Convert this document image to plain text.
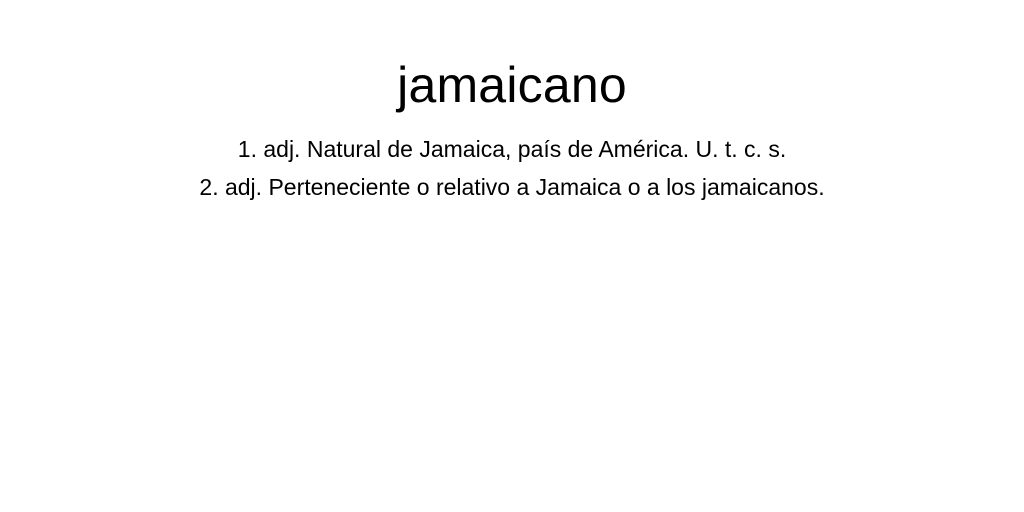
jamaicano
1. adj. Natural de Jamaica, país de América. U. t. c. s.
2. adj. Perteneciente o relativo a Jamaica o a los jamaicanos.
